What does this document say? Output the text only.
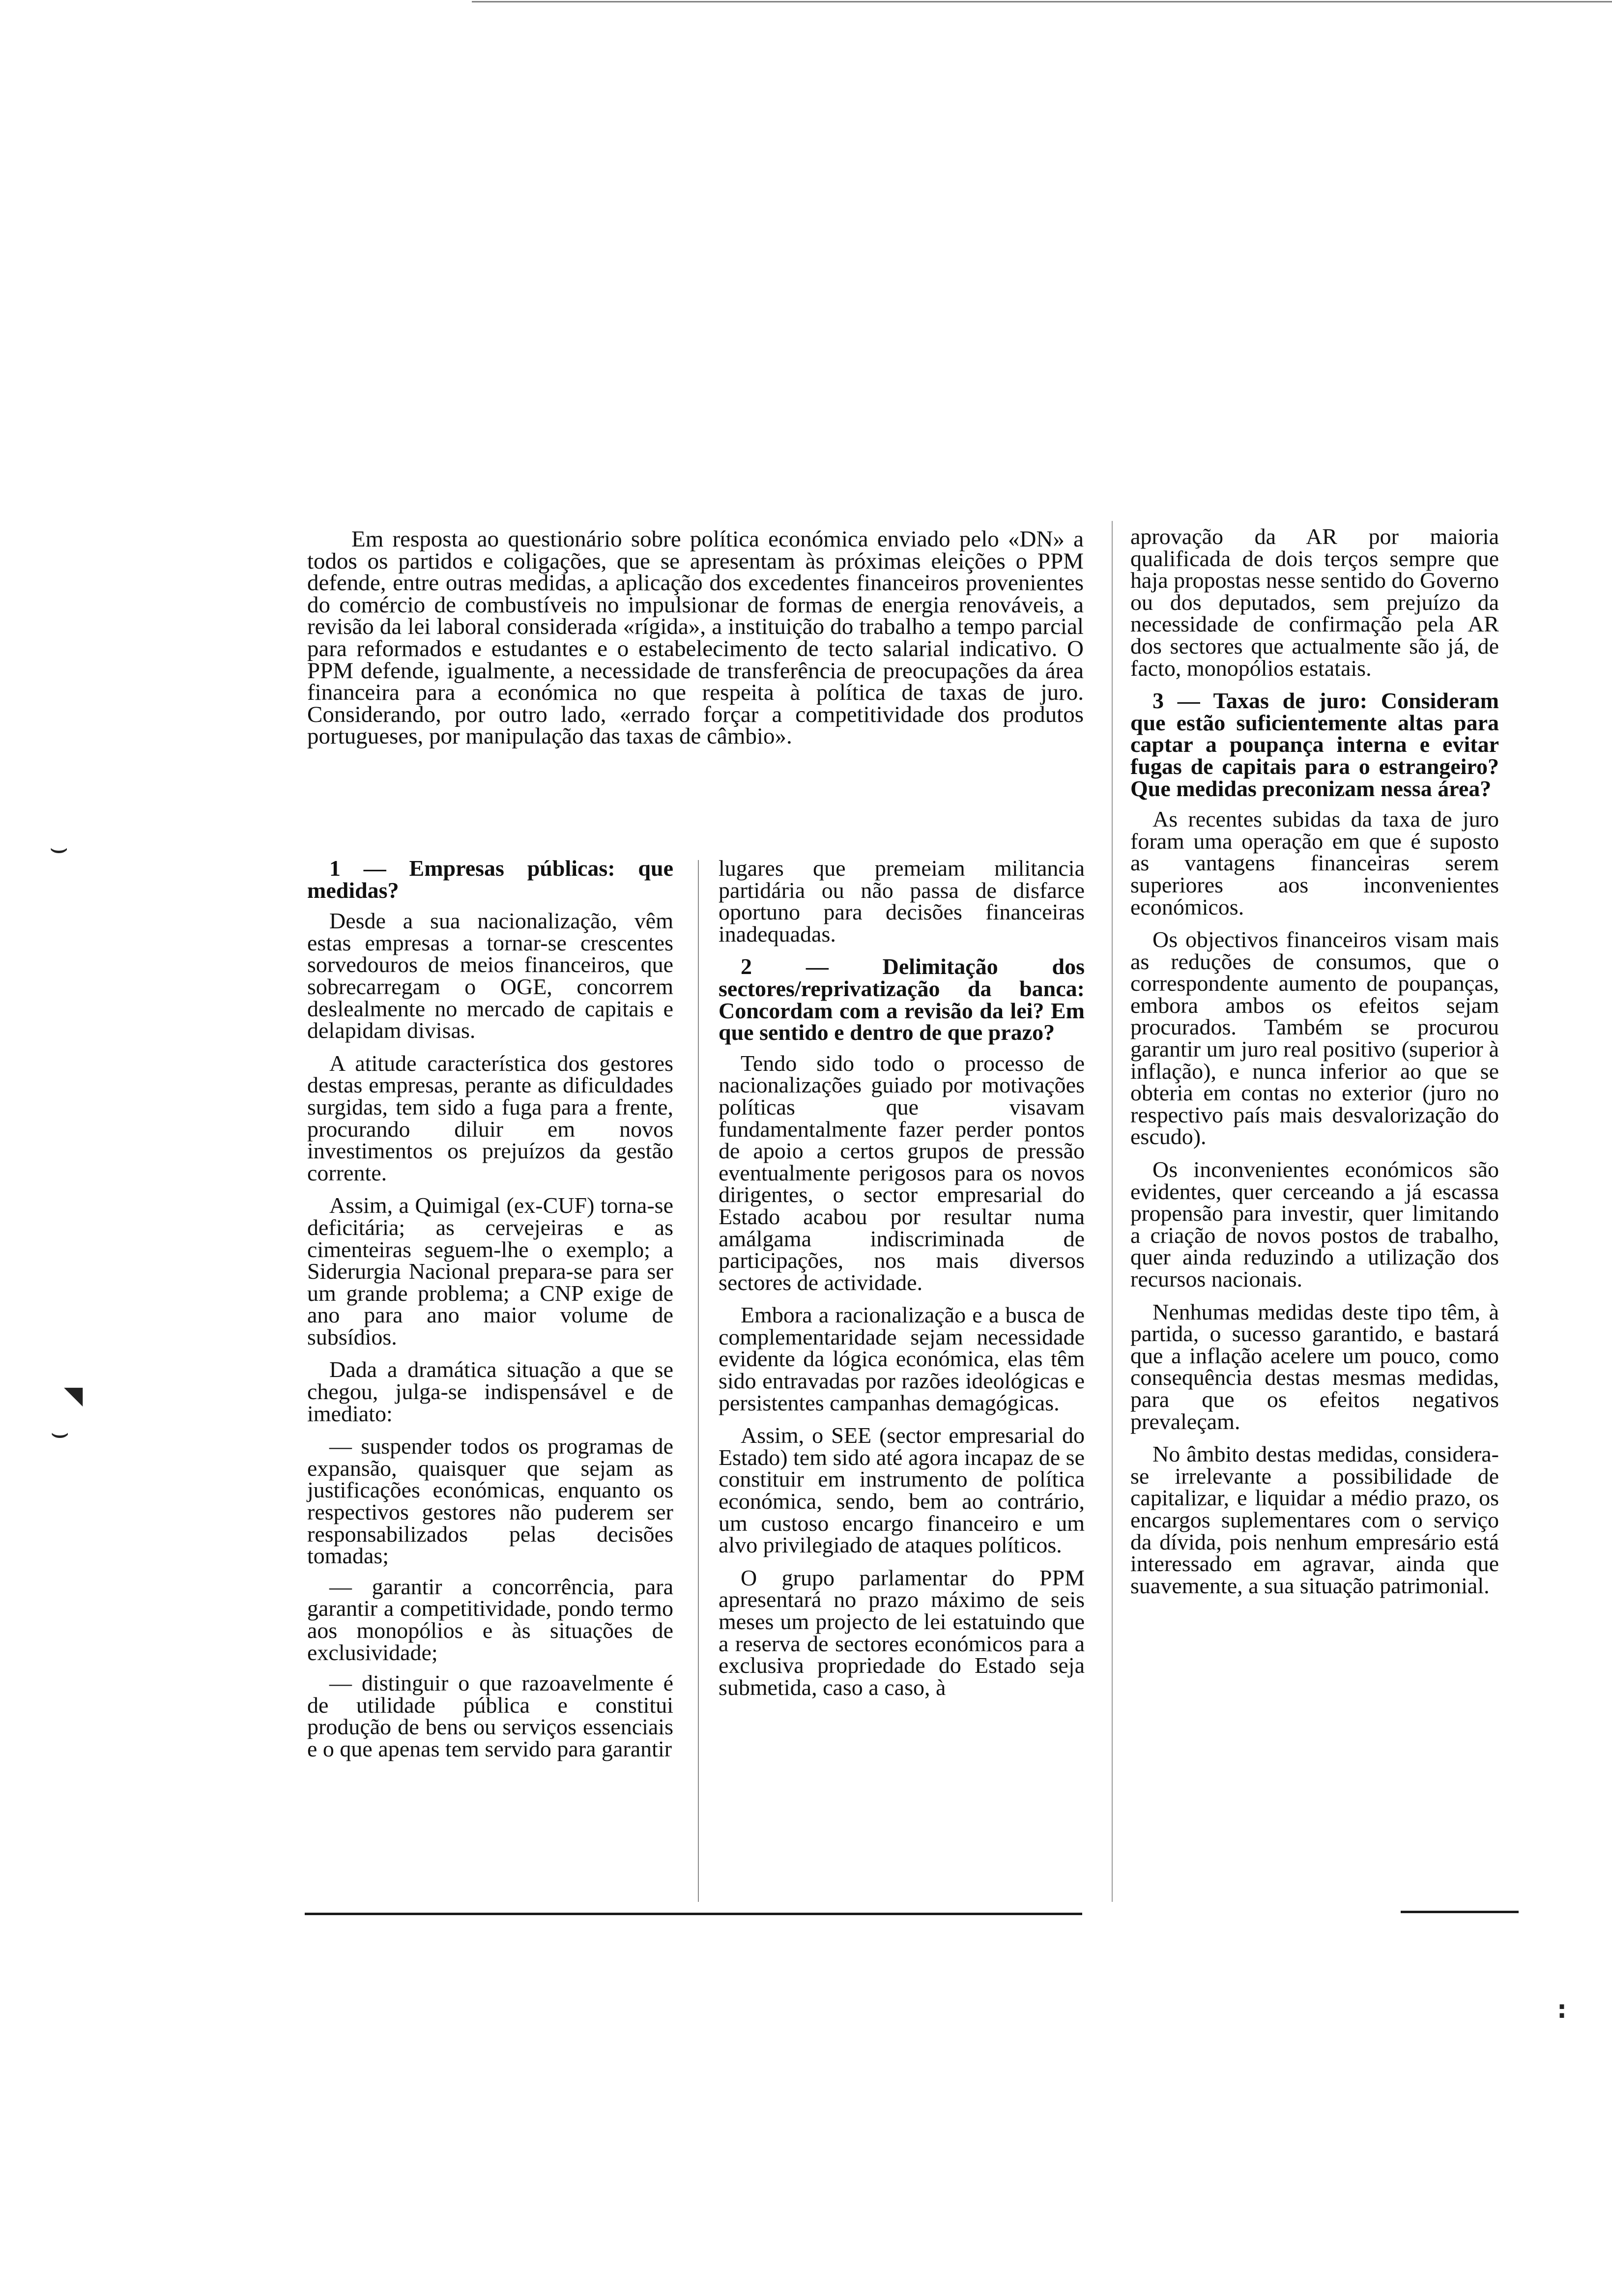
⌣
⌣
◥
:

Em resposta ao questionário sobre política económica enviado pelo «DN» a todos os partidos e coligações, que se apresentam às próximas eleições o PPM defende, entre outras medidas, a aplicação dos excedentes financeiros provenientes do comércio de combustíveis no impulsionar de formas de energia renováveis, a revisão da lei laboral considerada «rígida», a instituição do trabalho a tempo parcial para reformados e estudantes e o estabelecimento de tecto salarial indicativo. O PPM defende, igualmente, a necessidade de transferência de preocupações da área financeira para a económica no que respeita à política de taxas de juro. Considerando, por outro lado, «errado forçar a competitividade dos produtos portugueses, por manipulação das taxas de câmbio».

1 — Empresas públicas: que medidas?

Desde a sua nacionalização, vêm estas empresas a tornar-se crescentes sorvedouros de meios financeiros, que sobrecarregam o OGE, concorrem deslealmente no mercado de capitais e delapidam divisas.

A atitude característica dos gestores destas empresas, perante as dificuldades surgidas, tem sido a fuga para a frente, procurando diluir em novos investimentos os prejuízos da gestão corrente.

Assim, a Quimigal (ex-CUF) torna-se deficitária; as cervejeiras e as cimenteiras seguem-lhe o exemplo; a Siderurgia Nacional prepara-se para ser um grande problema; a CNP exige de ano para ano maior volume de subsídios.

Dada a dramática situação a que se chegou, julga-se indispensável e de imediato:

— suspender todos os programas de expansão, quaisquer que sejam as justificações económicas, enquanto os respectivos gestores não puderem ser responsabilizados pelas decisões tomadas;

— garantir a concorrência, para garantir a competitividade, pondo termo aos monopólios e às situações de exclusividade;

— distinguir o que razoavelmente é de utilidade pública e constitui produção de bens ou serviços essenciais e o que apenas tem servido para garantir

lugares que premeiam militancia partidária ou não passa de disfarce oportuno para decisões financeiras inadequadas.

2 — Delimitação dos sectores/reprivatização da banca: Concordam com a revisão da lei? Em que sentido e dentro de que prazo?

Tendo sido todo o processo de nacionalizações guiado por motivações políticas que visavam fundamentalmente fazer perder pontos de apoio a certos grupos de pressão eventualmente perigosos para os novos dirigentes, o sector empresarial do Estado acabou por resultar numa amálgama indiscriminada de participações, nos mais diversos sectores de actividade.

Embora a racionalização e a busca de complementaridade sejam necessidade evidente da lógica económica, elas têm sido entravadas por razões ideológicas e persistentes campanhas demagógicas.

Assim, o SEE (sector empresarial do Estado) tem sido até agora incapaz de se constituir em instrumento de política económica, sendo, bem ao contrário, um custoso encargo financeiro e um alvo privilegiado de ataques políticos.

O grupo parlamentar do PPM apresentará no prazo máximo de seis meses um projecto de lei estatuindo que a reserva de sectores económicos para a exclusiva propriedade do Estado seja submetida, caso a caso, à

aprovação da AR por maioria qualificada de dois terços sempre que haja propostas nesse sentido do Governo ou dos deputados, sem prejuízo da necessidade de confirmação pela AR dos sectores que actualmente são já, de facto, monopólios estatais.

3 — Taxas de juro: Consideram que estão suficientemente altas para captar a poupança interna e evitar fugas de capitais para o estrangeiro? Que medidas preconizam nessa área?

As recentes subidas da taxa de juro foram uma operação em que é suposto as vantagens financeiras serem superiores aos inconvenientes económicos.

Os objectivos financeiros visam mais as reduções de consumos, que o correspondente aumento de poupanças, embora ambos os efeitos sejam procurados. Também se procurou garantir um juro real positivo (superior à inflação), e nunca inferior ao que se obteria em contas no exterior (juro no respectivo país mais desvalorização do escudo).

Os inconvenientes económicos são evidentes, quer cerceando a já escassa propensão para investir, quer limitando a criação de novos postos de trabalho, quer ainda reduzindo a utilização dos recursos nacionais.

Nenhumas medidas deste tipo têm, à partida, o sucesso garantido, e bastará que a inflação acelere um pouco, como consequência destas mesmas medidas, para que os efeitos negativos prevaleçam.

No âmbito destas medidas, considera-se irrelevante a possibilidade de capitalizar, e liquidar a médio prazo, os encargos suplementares com o serviço da dívida, pois nenhum empresário está interessado em agravar, ainda que suavemente, a sua situação patrimonial.
